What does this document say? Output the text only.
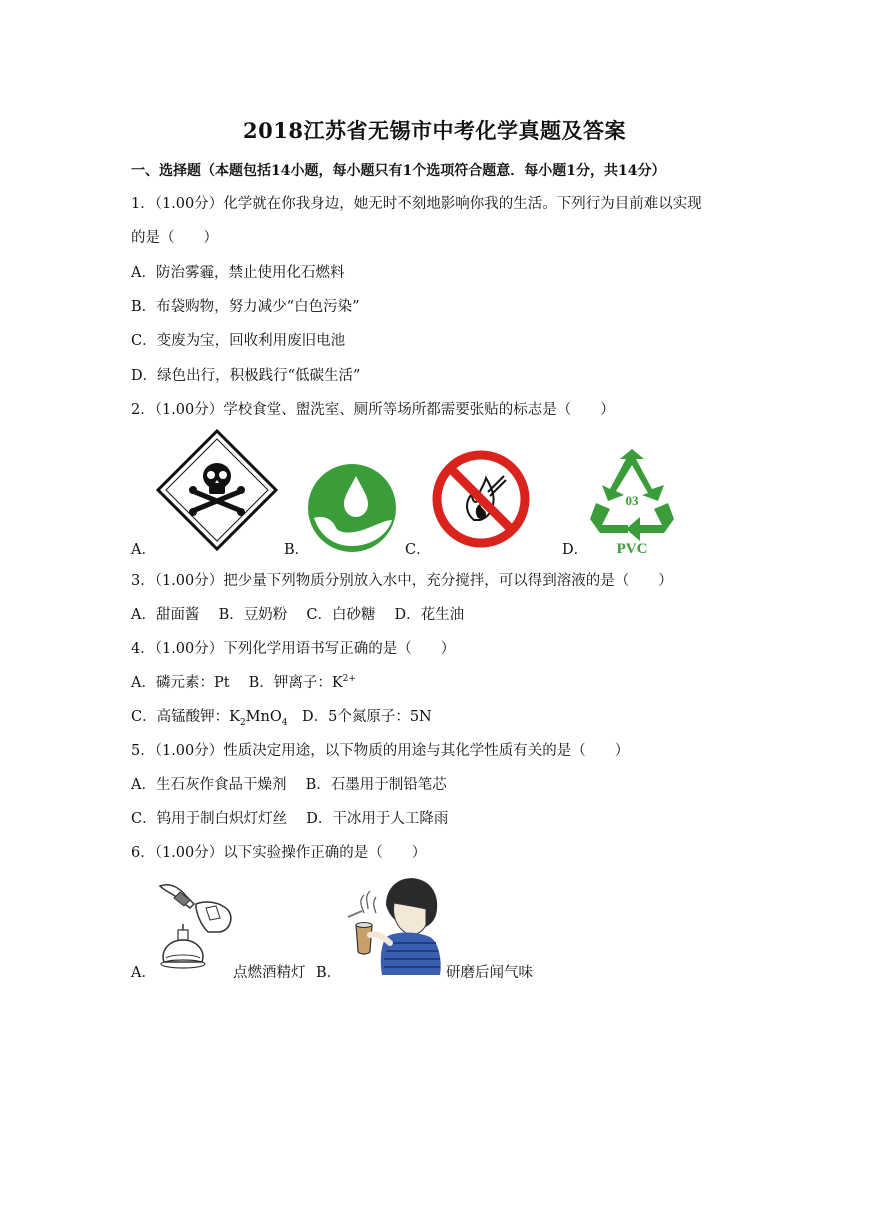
2018江苏省无锡市中考化学真题及答案
一、选择题（本题包括14小题，每小题只有1个选项符合题意．每小题1分，共14分）
1．（1.00分）化学就在你我身边，她无时不刻地影响你我的生活。下列行为目前难以实现
的是（　　）
A．防治雾霾，禁止使用化石燃料
B．布袋购物，努力减少“白色污染”
C．变废为宝，回收利用废旧电池
D．绿色出行，积极践行“低碳生活”
2．（1.00分）学校食堂、盥洗室、厕所等场所都需要张贴的标志是（　　）
A．	B．	C．	D．
03
PVC
3．（1.00分）把少量下列物质分别放入水中，充分搅拌，可以得到溶液的是（　　）
A．甜面酱　 B．豆奶粉　 C．白砂糖　 D．花生油
4．（1.00分）下列化学用语书写正确的是（　　）
A．磷元素：Pt　 B．钾离子：$K^{2+}$
C．高锰酸钾：$K_2MnO_4$　 D．5个氮原子：5N
5．（1.00分）性质决定用途，以下物质的用途与其化学性质有关的是（　　）
A．生石灰作食品干燥剂　 B．石墨用于制铅笔芯
C．钨用于制白炽灯灯丝　 D．干冰用于人工降雨
6．（1.00分）以下实验操作正确的是（　　）
A．	点燃酒精灯 B．	研磨后闻气味
